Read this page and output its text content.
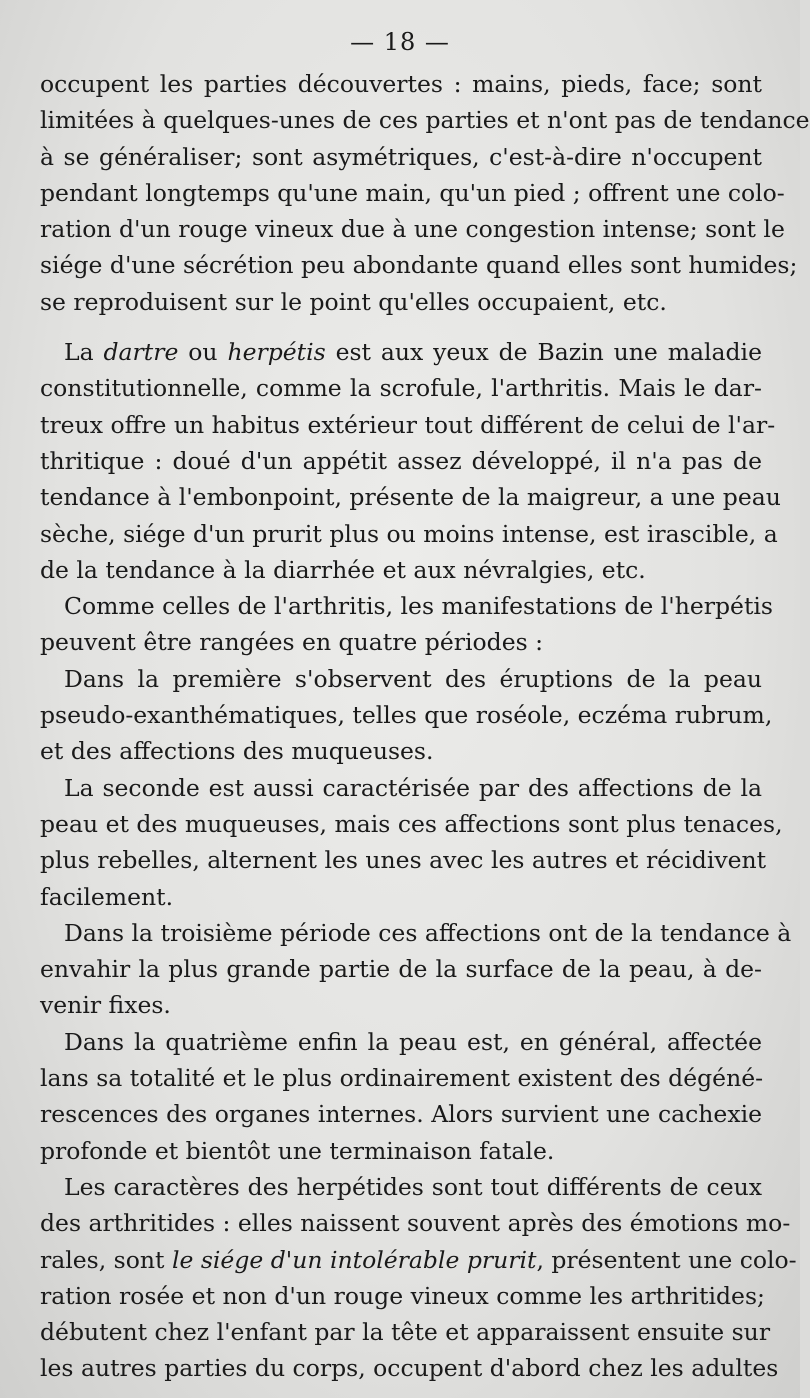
— 18 —
occupent les parties découvertes : mains, pieds, face; sont
limitées à quelques-unes de ces parties et n'ont pas de tendance
à se généraliser; sont asymétriques, c'est-à-dire n'occupent
pendant longtemps qu'une main, qu'un pied ; offrent une colo-
ration d'un rouge vineux due à une congestion intense; sont le
siége d'une sécrétion peu abondante quand elles sont humides;
se reproduisent sur le point qu'elles occupaient, etc.
La dartre ou herpétis est aux yeux de Bazin une maladie
constitutionnelle, comme la scrofule, l'arthritis. Mais le dar-
treux offre un habitus extérieur tout différent de celui de l'ar-
thritique : doué d'un appétit assez développé, il n'a pas de
tendance à l'embonpoint, présente de la maigreur, a une peau
sèche, siége d'un prurit plus ou moins intense, est irascible, a
de la tendance à la diarrhée et aux névralgies, etc.
Comme celles de l'arthritis, les manifestations de l'herpétis
peuvent être rangées en quatre périodes :
Dans la première s'observent des éruptions de la peau
pseudo-exanthématiques, telles que roséole, eczéma rubrum,
et des affections des muqueuses.
La seconde est aussi caractérisée par des affections de la
peau et des muqueuses, mais ces affections sont plus tenaces,
plus rebelles, alternent les unes avec les autres et récidivent
facilement.
Dans la troisième période ces affections ont de la tendance à
envahir la plus grande partie de la surface de la peau, à de-
venir fixes.
Dans la quatrième enfin la peau est, en général, affectée
lans sa totalité et le plus ordinairement existent des dégéné-
rescences des organes internes. Alors survient une cachexie
profonde et bientôt une terminaison fatale.
Les caractères des herpétides sont tout différents de ceux
des arthritides : elles naissent souvent après des émotions mo-
rales, sont le siége d'un intolérable prurit, présentent une colo-
ration rosée et non d'un rouge vineux comme les arthritides;
débutent chez l'enfant par la tête et apparaissent ensuite sur
les autres parties du corps, occupent d'abord chez les adultes
